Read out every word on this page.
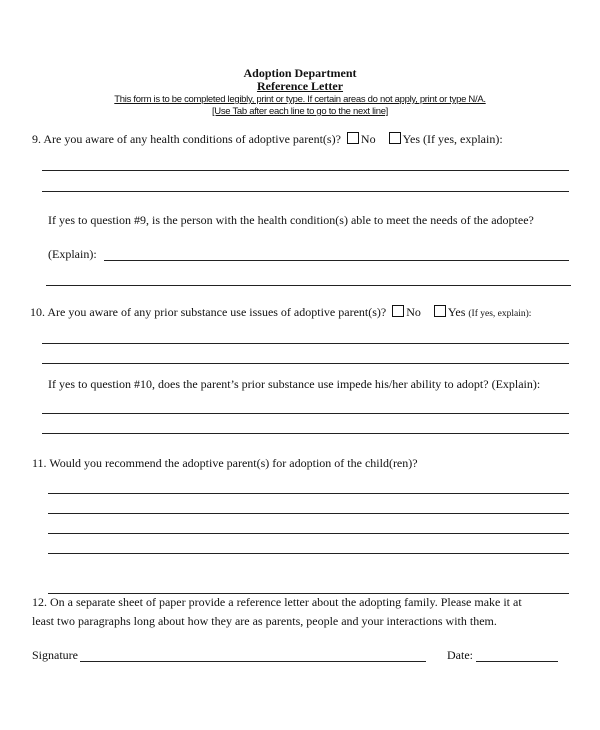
Adoption Department
Reference Letter
This form is to be completed legibly, print or type. If certain areas do not apply, print or type N/A.
[Use Tab after each line to go to the next line]
9. Are you aware of any health conditions of adoptive parent(s)? No Yes (If yes, explain):
If yes to question #9, is the person with the health condition(s) able to meet the needs of the adoptee?
(Explain):
10. Are you aware of any prior substance use issues of adoptive parent(s)? No Yes (If yes, explain):
If yes to question #10, does the parent’s prior substance use impede his/her ability to adopt? (Explain):
11. Would you recommend the adoptive parent(s) for adoption of the child(ren)?
12. On a separate sheet of paper provide a reference letter about the adopting family. Please make it at
least two paragraphs long about how they are as parents, people and your interactions with them.
Signature	Date:
